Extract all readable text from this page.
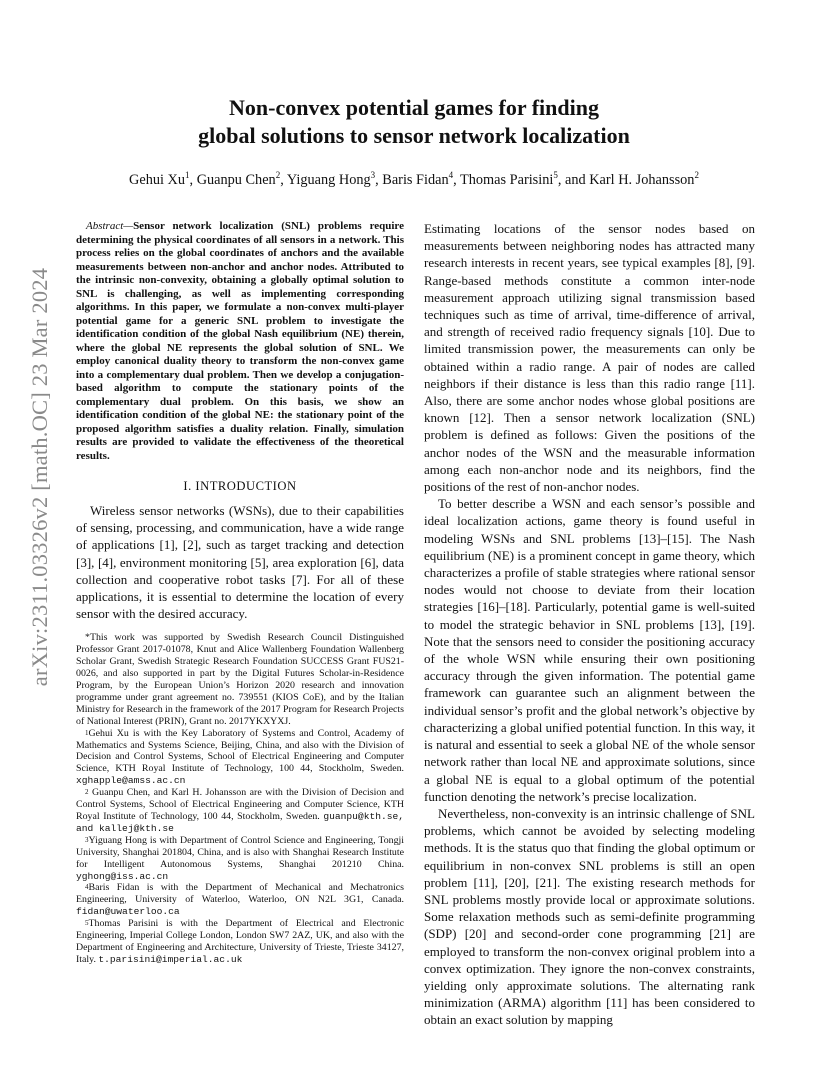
arXiv:2311.03326v2 [math.OC] 23 Mar 2024
Non-convex potential games for finding
global solutions to sensor network localization
Gehui Xu$^1$, Guanpu Chen$^2$, Yiguang Hong$^3$, Baris Fidan$^4$, Thomas Parisini$^5$, and Karl H. Johansson$^2$

Abstract—Sensor network localization (SNL) problems require determining the physical coordinates of all sensors in a network. This process relies on the global coordinates of anchors and the available measurements between non-anchor and anchor nodes. Attributed to the intrinsic non-convexity, obtaining a globally optimal solution to SNL is challenging, as well as implementing corresponding algorithms. In this paper, we formulate a non-convex multi-player potential game for a generic SNL problem to investigate the identification condition of the global Nash equilibrium (NE) therein, where the global NE represents the global solution of SNL. We employ canonical duality theory to transform the non-convex game into a complementary dual problem. Then we develop a conjugation-based algorithm to compute the stationary points of the complementary dual problem. On this basis, we show an identification condition of the global NE: the stationary point of the proposed algorithm satisfies a duality relation. Finally, simulation results are provided to validate the effectiveness of the theoretical results.

I. INTRODUCTION

Wireless sensor networks (WSNs), due to their capabilities of sensing, processing, and communication, have a wide range of applications [1], [2], such as target tracking and detection [3], [4], environment monitoring [5], area exploration [6], data collection and cooperative robot tasks [7]. For all of these applications, it is essential to determine the location of every sensor with the desired accuracy.

*This work was supported by Swedish Research Council Distinguished Professor Grant 2017-01078, Knut and Alice Wallenberg Foundation Wallenberg Scholar Grant, Swedish Strategic Research Foundation SUCCESS Grant FUS21-0026, and also supported in part by the Digital Futures Scholar-in-Residence Program, by the European Union’s Horizon 2020 research and innovation programme under grant agreement no. 739551 (KIOS CoE), and by the Italian Ministry for Research in the framework of the 2017 Program for Research Projects of National Interest (PRIN), Grant no. 2017YKXYXJ.

$^1$Gehui Xu is with the Key Laboratory of Systems and Control, Academy of Mathematics and Systems Science, Beijing, China, and also with the Division of Decision and Control Systems, School of Electrical Engineering and Computer Science, KTH Royal Institute of Technology, 100 44, Stockholm, Sweden. xghapple@amss.ac.cn

$^2$ Guanpu Chen, and Karl H. Johansson are with the Division of Decision and Control Systems, School of Electrical Engineering and Computer Science, KTH Royal Institute of Technology, 100 44, Stockholm, Sweden. guanpu@kth.se, and kallej@kth.se

$^3$Yiguang Hong is with Department of Control Science and Engineering, Tongji University, Shanghai 201804, China, and is also with Shanghai Research Institute for Intelligent Autonomous Systems, Shanghai 201210 China. yghong@iss.ac.cn

$^4$Baris Fidan is with the Department of Mechanical and Mechatronics Engineering, University of Waterloo, Waterloo, ON N2L 3G1, Canada. fidan@uwaterloo.ca

$^5$Thomas Parisini is with the Department of Electrical and Electronic Engineering, Imperial College London, London SW7 2AZ, UK, and also with the Department of Engineering and Architecture, University of Trieste, Trieste 34127, Italy. t.parisini@imperial.ac.uk

Estimating locations of the sensor nodes based on measurements between neighboring nodes has attracted many research interests in recent years, see typical examples [8], [9]. Range-based methods constitute a common inter-node measurement approach utilizing signal transmission based techniques such as time of arrival, time-difference of arrival, and strength of received radio frequency signals [10]. Due to limited transmission power, the measurements can only be obtained within a radio range. A pair of nodes are called neighbors if their distance is less than this radio range [11]. Also, there are some anchor nodes whose global positions are known [12]. Then a sensor network localization (SNL) problem is defined as follows: Given the positions of the anchor nodes of the WSN and the measurable information among each non-anchor node and its neighbors, find the positions of the rest of non-anchor nodes.

To better describe a WSN and each sensor’s possible and ideal localization actions, game theory is found useful in modeling WSNs and SNL problems [13]–[15]. The Nash equilibrium (NE) is a prominent concept in game theory, which characterizes a profile of stable strategies where rational sensor nodes would not choose to deviate from their location strategies [16]–[18]. Particularly, potential game is well-suited to model the strategic behavior in SNL problems [13], [19]. Note that the sensors need to consider the positioning accuracy of the whole WSN while ensuring their own positioning accuracy through the given information. The potential game framework can guarantee such an alignment between the individual sensor’s profit and the global network’s objective by characterizing a global unified potential function. In this way, it is natural and essential to seek a global NE of the whole sensor network rather than local NE and approximate solutions, since a global NE is equal to a global optimum of the potential function denoting the network’s precise localization.

Nevertheless, non-convexity is an intrinsic challenge of SNL problems, which cannot be avoided by selecting modeling methods. It is the status quo that finding the global optimum or equilibrium in non-convex SNL problems is still an open problem [11], [20], [21]. The existing research methods for SNL problems mostly provide local or approximate solutions. Some relaxation methods such as semi-definite programming (SDP) [20] and second-order cone programming [21] are employed to transform the non-convex original problem into a convex optimization. They ignore the non-convex constraints, yielding only approximate solutions. The alternating rank minimization (ARMA) algorithm [11] has been considered to obtain an exact solution by mapping
